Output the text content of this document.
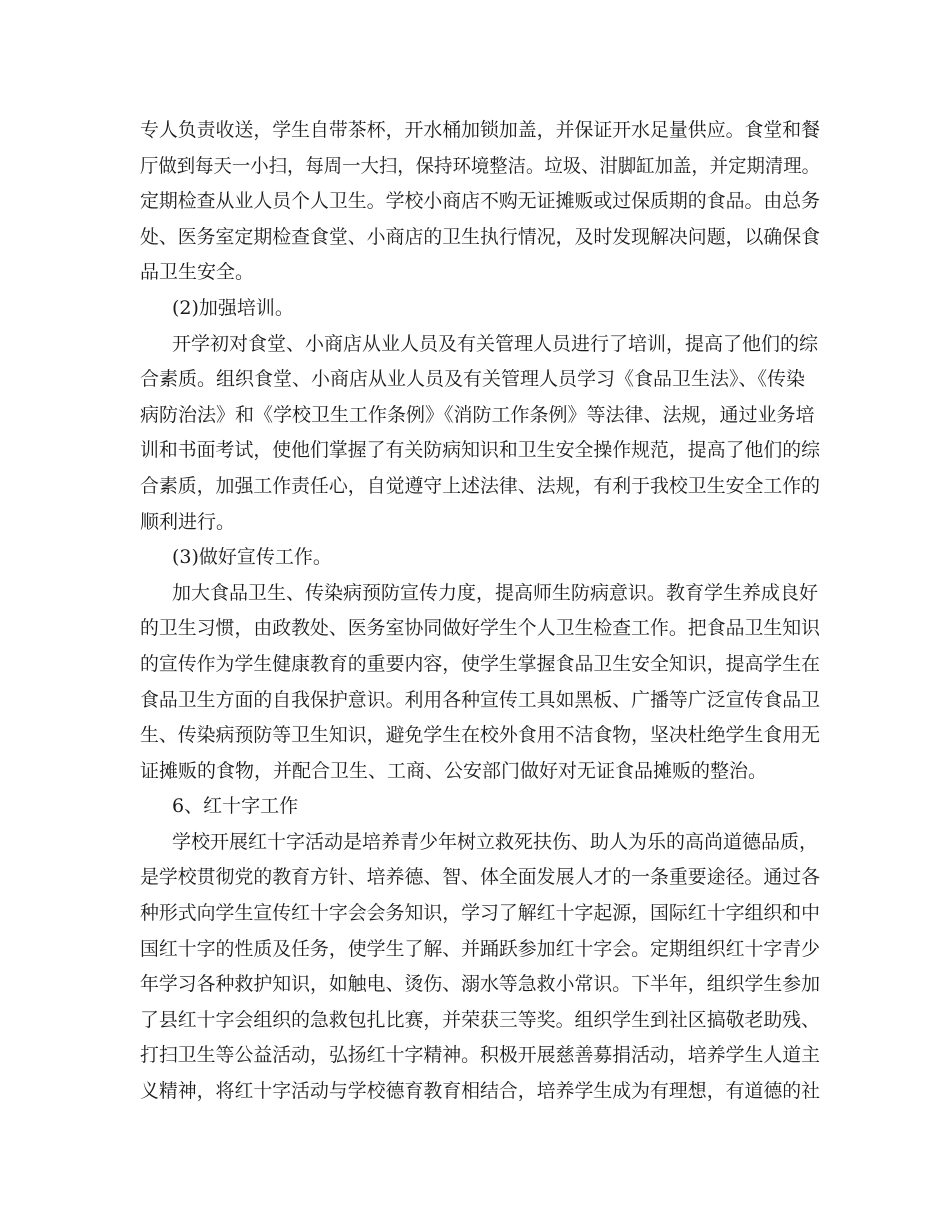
专人负责收送，学生自带茶杯，开水桶加锁加盖，并保证开水足量供应。食堂和餐
厅做到每天一小扫，每周一大扫，保持环境整洁。垃圾、泔脚缸加盖，并定期清理。
定期检查从业人员个人卫生。学校小商店不购无证摊贩或过保质期的食品。由总务
处、医务室定期检查食堂、小商店的卫生执行情况，及时发现解决问题，以确保食
品卫生安全。
(2)加强培训。
开学初对食堂、小商店从业人员及有关管理人员进行了培训，提高了他们的综
合素质。组织食堂、小商店从业人员及有关管理人员学习《食品卫生法》、《传染
病防治法》和《学校卫生工作条例》《消防工作条例》等法律、法规，通过业务培
训和书面考试，使他们掌握了有关防病知识和卫生安全操作规范，提高了他们的综
合素质，加强工作责任心，自觉遵守上述法律、法规，有利于我校卫生安全工作的
顺利进行。
(3)做好宣传工作。
加大食品卫生、传染病预防宣传力度，提高师生防病意识。教育学生养成良好
的卫生习惯，由政教处、医务室协同做好学生个人卫生检查工作。把食品卫生知识
的宣传作为学生健康教育的重要内容，使学生掌握食品卫生安全知识，提高学生在
食品卫生方面的自我保护意识。利用各种宣传工具如黑板、广播等广泛宣传食品卫
生、传染病预防等卫生知识，避免学生在校外食用不洁食物，坚决杜绝学生食用无
证摊贩的食物，并配合卫生、工商、公安部门做好对无证食品摊贩的整治。
6、红十字工作
学校开展红十字活动是培养青少年树立救死扶伤、助人为乐的高尚道德品质，
是学校贯彻党的教育方针、培养德、智、体全面发展人才的一条重要途径。通过各
种形式向学生宣传红十字会会务知识，学习了解红十字起源，国际红十字组织和中
国红十字的性质及任务，使学生了解、并踊跃参加红十字会。定期组织红十字青少
年学习各种救护知识，如触电、烫伤、溺水等急救小常识。下半年，组织学生参加
了县红十字会组织的急救包扎比赛，并荣获三等奖。组织学生到社区搞敬老助残、
打扫卫生等公益活动，弘扬红十字精神。积极开展慈善募捐活动，培养学生人道主
义精神，将红十字活动与学校德育教育相结合，培养学生成为有理想，有道德的社
